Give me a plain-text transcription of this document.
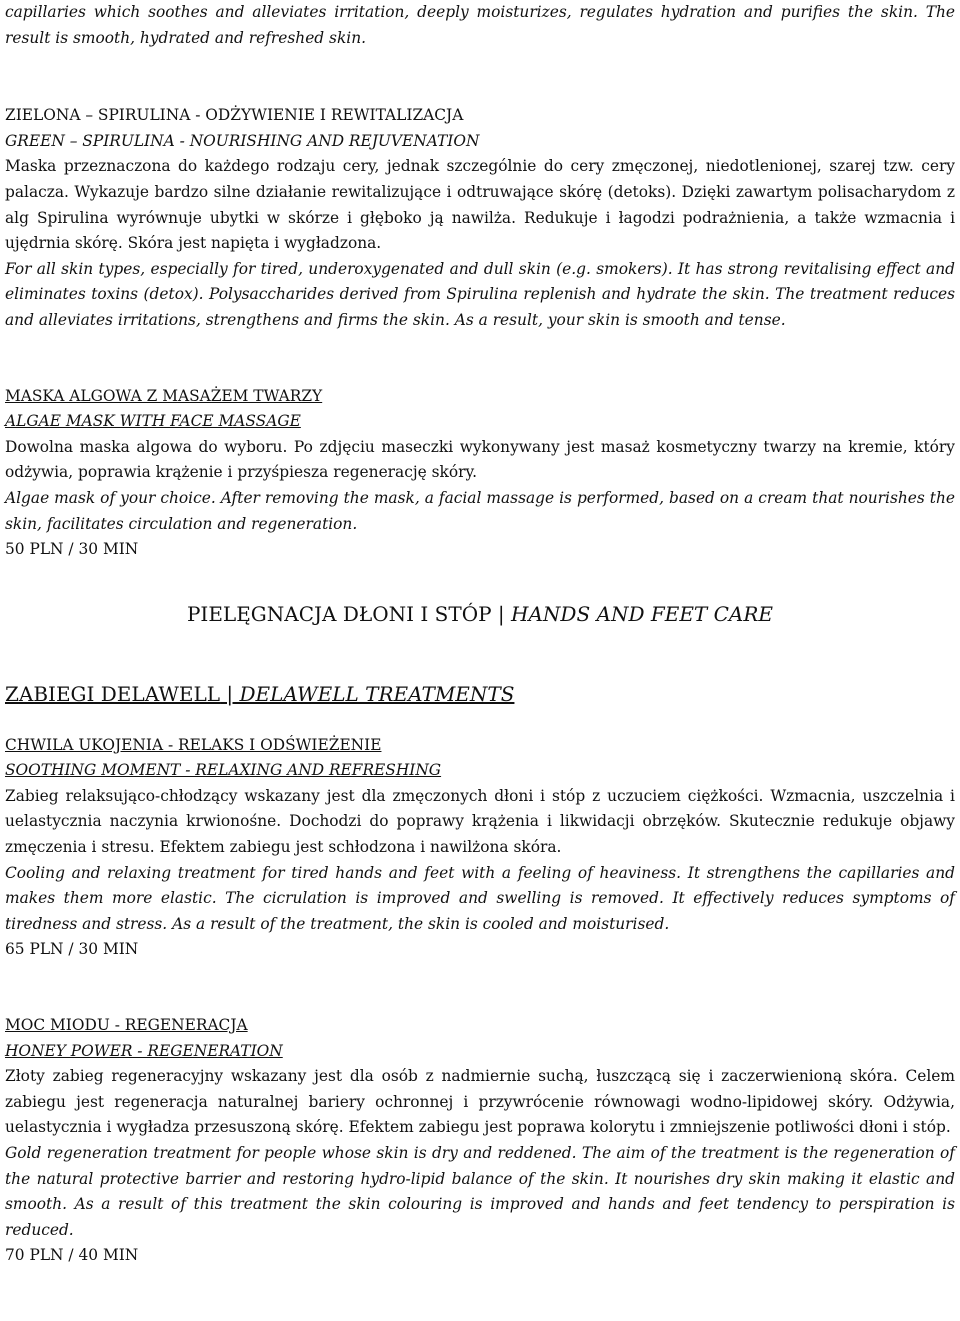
capillaries which soothes and alleviates irritation, deeply moisturizes, regulates hydration and purifies the skin. The result is smooth, hydrated and refreshed skin.

ZIELONA – SPIRULINA - ODŻYWIENIE I REWITALIZACJA

GREEN – SPIRULINA - NOURISHING AND REJUVENATION

Maska przeznaczona do każdego rodzaju cery, jednak szczególnie do cery zmęczonej, niedotlenionej, szarej tzw. cery palacza. Wykazuje bardzo silne działanie rewitalizujące i odtruwające skórę (detoks). Dzięki zawartym polisacharydom z alg Spirulina wyrównuje ubytki w skórze i głęboko ją nawilża. Redukuje i łagodzi podrażnienia, a także wzmacnia i ujędrnia skórę. Skóra jest napięta i wygładzona.

For all skin types, especially for tired, underoxygenated and dull skin (e.g. smokers). It has strong revitalising effect and eliminates toxins (detox). Polysaccharides derived from Spirulina replenish and hydrate the skin. The treatment reduces and alleviates irritations, strengthens and firms the skin. As a result, your skin is smooth and tense.

MASKA ALGOWA Z MASAŻEM TWARZY

ALGAE MASK WITH FACE MASSAGE

Dowolna maska algowa do wyboru. Po zdjęciu maseczki wykonywany jest masaż kosmetyczny twarzy na kremie, który odżywia, poprawia krążenie i przyśpiesza regenerację skóry.

Algae mask of your choice. After removing the mask, a facial massage is performed, based on a cream that nourishes the skin, facilitates circulation and regeneration.

50 PLN / 30 MIN

PIELĘGNACJA DŁONI I STÓP | HANDS AND FEET CARE

ZABIEGI DELAWELL | DELAWELL TREATMENTS

CHWILA UKOJENIA - RELAKS I ODŚWIEŻENIE

SOOTHING MOMENT - RELAXING AND REFRESHING

Zabieg relaksująco-chłodzący wskazany jest dla zmęczonych dłoni i stóp z uczuciem ciężkości. Wzmacnia, uszczelnia i uelastycznia naczynia krwionośne. Dochodzi do poprawy krążenia i likwidacji obrzęków. Skutecznie redukuje objawy zmęczenia i stresu. Efektem zabiegu jest schłodzona i nawilżona skóra.

Cooling and relaxing treatment for tired hands and feet with a feeling of heaviness. It strengthens the capillaries and makes them more elastic. The cicrulation is improved and swelling is removed. It effectively reduces symptoms of tiredness and stress. As a result of the treatment, the skin is cooled and moisturised.

65 PLN / 30 MIN

MOC MIODU - REGENERACJA

HONEY POWER - REGENERATION

Złoty zabieg regeneracyjny wskazany jest dla osób z nadmiernie suchą, łuszczącą się i zaczerwienioną skóra. Celem zabiegu jest regeneracja naturalnej bariery ochronnej i przywrócenie równowagi wodno-lipidowej skóry. Odżywia, uelastycznia i wygładza przesuszoną skórę. Efektem zabiegu jest poprawa kolorytu i zmniejszenie potliwości dłoni i stóp.

Gold regeneration treatment for people whose skin is dry and reddened. The aim of the treatment is the regeneration of the natural protective barrier and restoring hydro-lipid balance of the skin. It nourishes dry skin making it elastic and smooth. As a result of this treatment the skin colouring is improved and hands and feet tendency to perspiration is reduced.

70 PLN / 40 MIN
